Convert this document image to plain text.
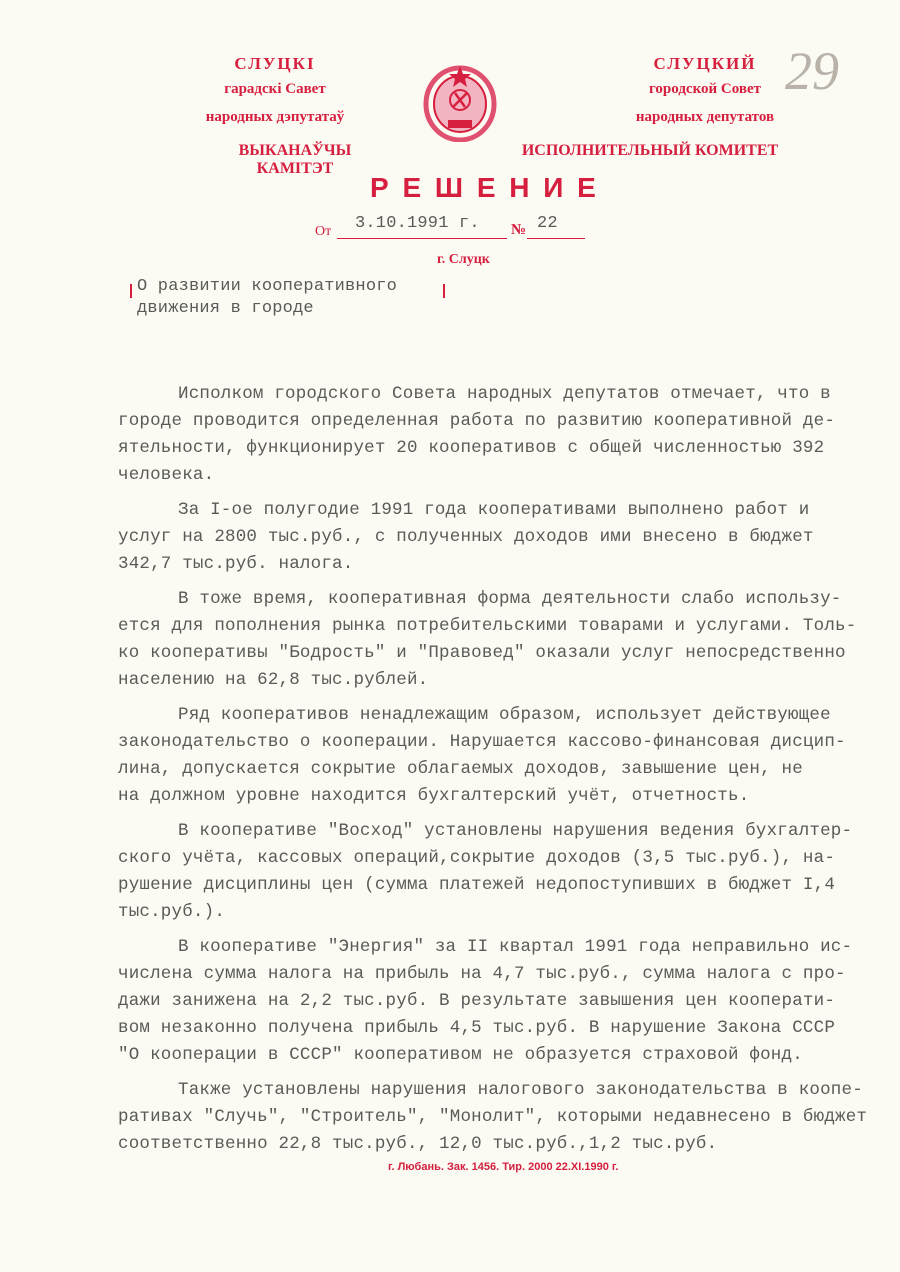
СЛУЦКI
гарадскi Савет
народных дэпутатаў
ВЫКАНАЎЧЫ КАМIТЭТ
СЛУЦКИЙ
городской Совет
народных депутатов
ИСПОЛНИТЕЛЬНЫЙ КОМИТЕТ
29
Р Е Ш Е Н И Е
От 3.10.1991 г. № 22
г. Слуцк
О развитии кооперативного
движения в городе
Исполком городского Совета народных депутатов отмечает, что в
городе проводится определенная работа по развитию кооперативной де-
ятельности, функционирует 20 кооперативов с общей численностью 392
человека.
За I-ое полугодие 1991 года кооперативами выполнено работ и
услуг на 2800 тыс.руб., с полученных доходов ими внесено в бюджет
342,7 тыс.руб. налога.
В тоже время, кооперативная форма деятельности слабо использу-
ется для пополнения рынка потребительскими товарами и услугами. Толь-
ко кооперативы "Бодрость" и "Правовед" оказали услуг непосредственно
населению на 62,8 тыс.рублей.
Ряд кооперативов ненадлежащим образом, использует действующее
законодательство о кооперации. Нарушается кассово-финансовая дисцип-
лина, допускается сокрытие облагаемых доходов, завышение цен, не
на должном уровне находится бухгалтерский учёт, отчетность.
В кооперативе "Восход" установлены нарушения ведения бухгалтер-
ского учёта, кассовых операций,сокрытие доходов (3,5 тыс.руб.), на-
рушение дисциплины цен (сумма платежей недопоступивших в бюджет I,4
тыс.руб.).
В кооперативе "Энергия" за II квартал 1991 года неправильно ис-
числена сумма налога на прибыль на 4,7 тыс.руб., сумма налога с про-
дажи занижена на 2,2 тыс.руб. В результате завышения цен кооперати-
вом незаконно получена прибыль 4,5 тыс.руб. В нарушение Закона СССР
"О кооперации в СССР" кооперативом не образуется страховой фонд.
Также установлены нарушения налогового законодательства в коопе-
ративах "Случь", "Строитель", "Монолит", которыми недавнесено в бюджет
соответственно 22,8 тыс.руб., 12,0 тыс.руб.,1,2 тыс.руб.
г. Любань. Зак. 1456. Тир. 2000 22.XI.1990 г.
